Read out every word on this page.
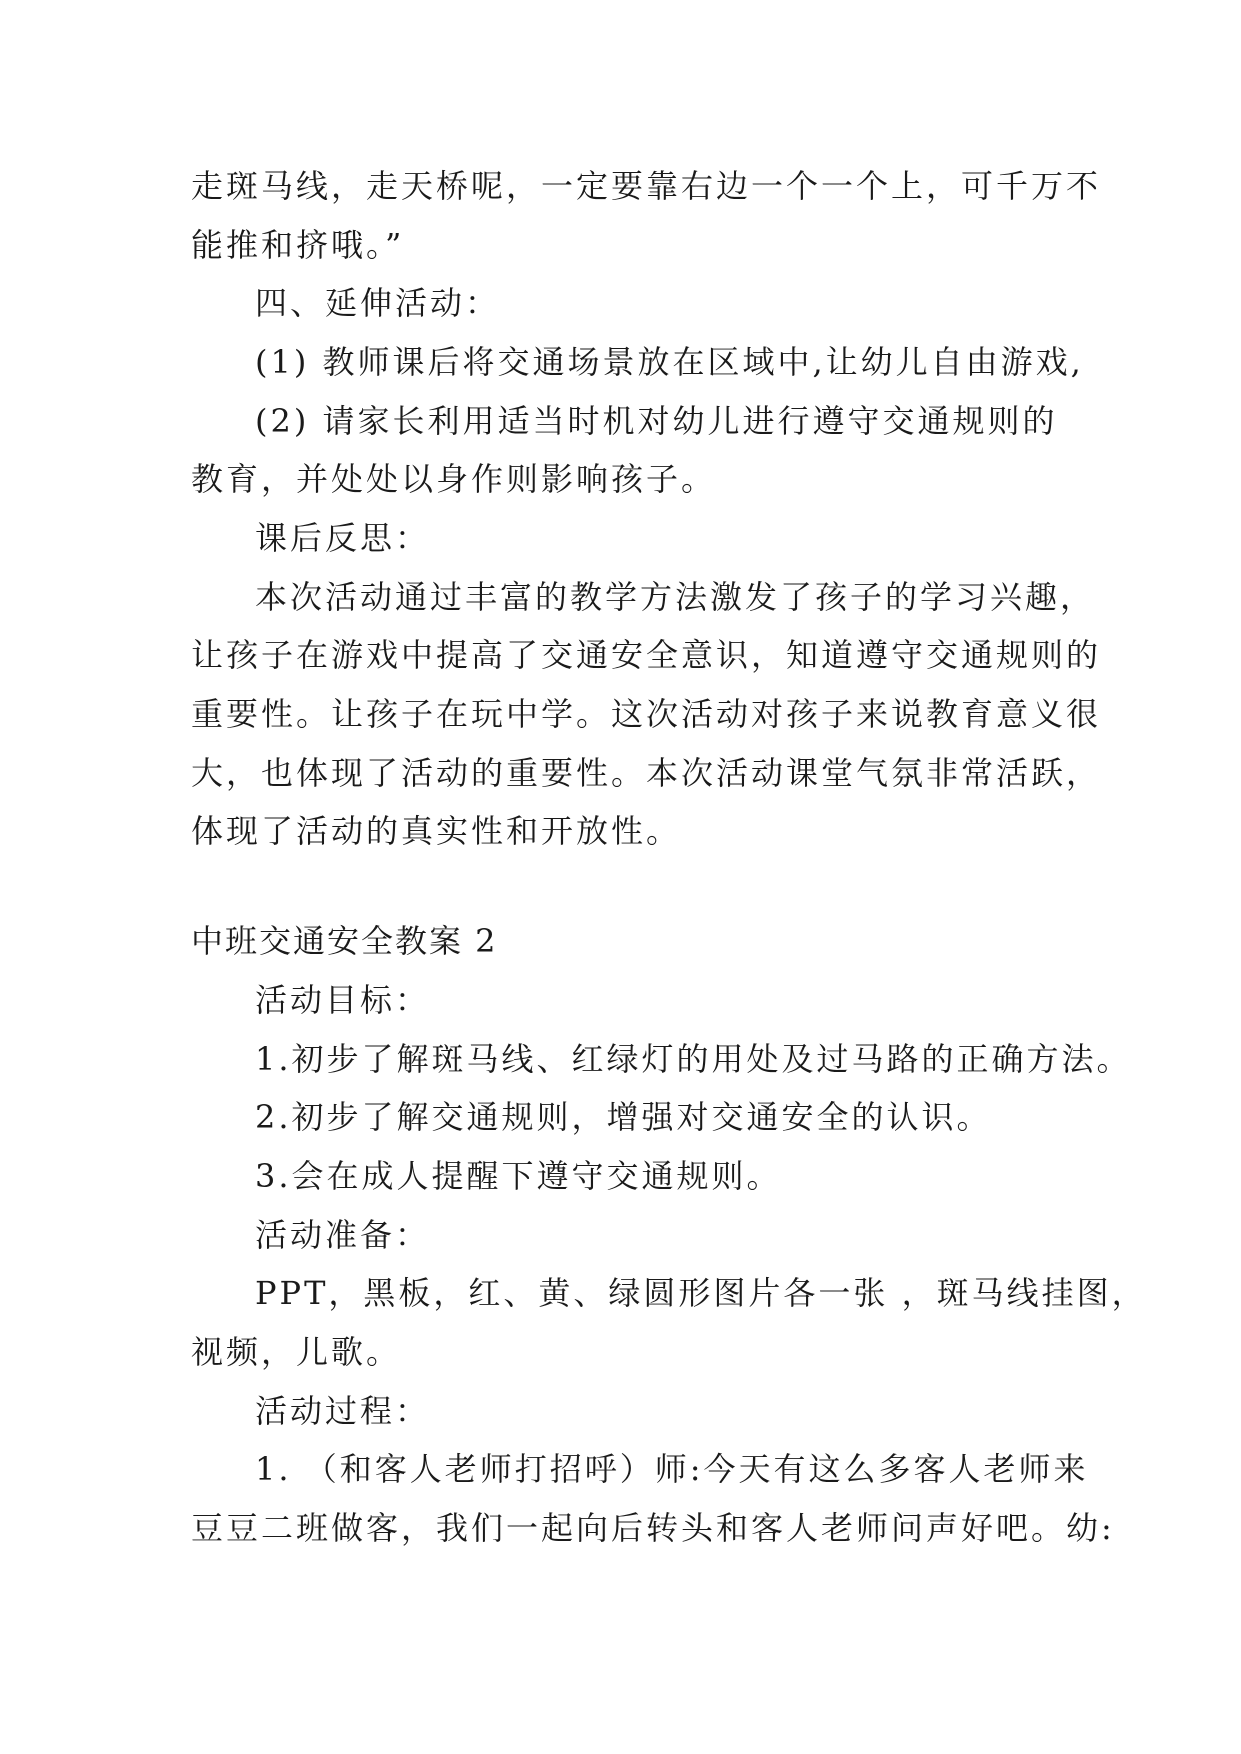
走斑马线，走天桥呢，一定要靠右边一个一个上，可千万不
能推和挤哦。”
四、延伸活动：
(1) 教师课后将交通场景放在区域中,让幼儿自由游戏,
(2) 请家长利用适当时机对幼儿进行遵守交通规则的
教育，并处处以身作则影响孩子。
课后反思：
本次活动通过丰富的教学方法激发了孩子的学习兴趣，
让孩子在游戏中提高了交通安全意识，知道遵守交通规则的
重要性。让孩子在玩中学。这次活动对孩子来说教育意义很
大，也体现了活动的重要性。本次活动课堂气氛非常活跃，
体现了活动的真实性和开放性。
中班交通安全教案 2
活动目标：
1.初步了解斑马线、红绿灯的用处及过马路的正确方法。
2.初步了解交通规则，增强对交通安全的认识。
3.会在成人提醒下遵守交通规则。
活动准备：
PPT，黑板，红、黄、绿圆形图片各一张 ，斑马线挂图，
视频，儿歌。
活动过程：
1. （和客人老师打招呼）师:今天有这么多客人老师来
豆豆二班做客，我们一起向后转头和客人老师问声好吧。幼:
